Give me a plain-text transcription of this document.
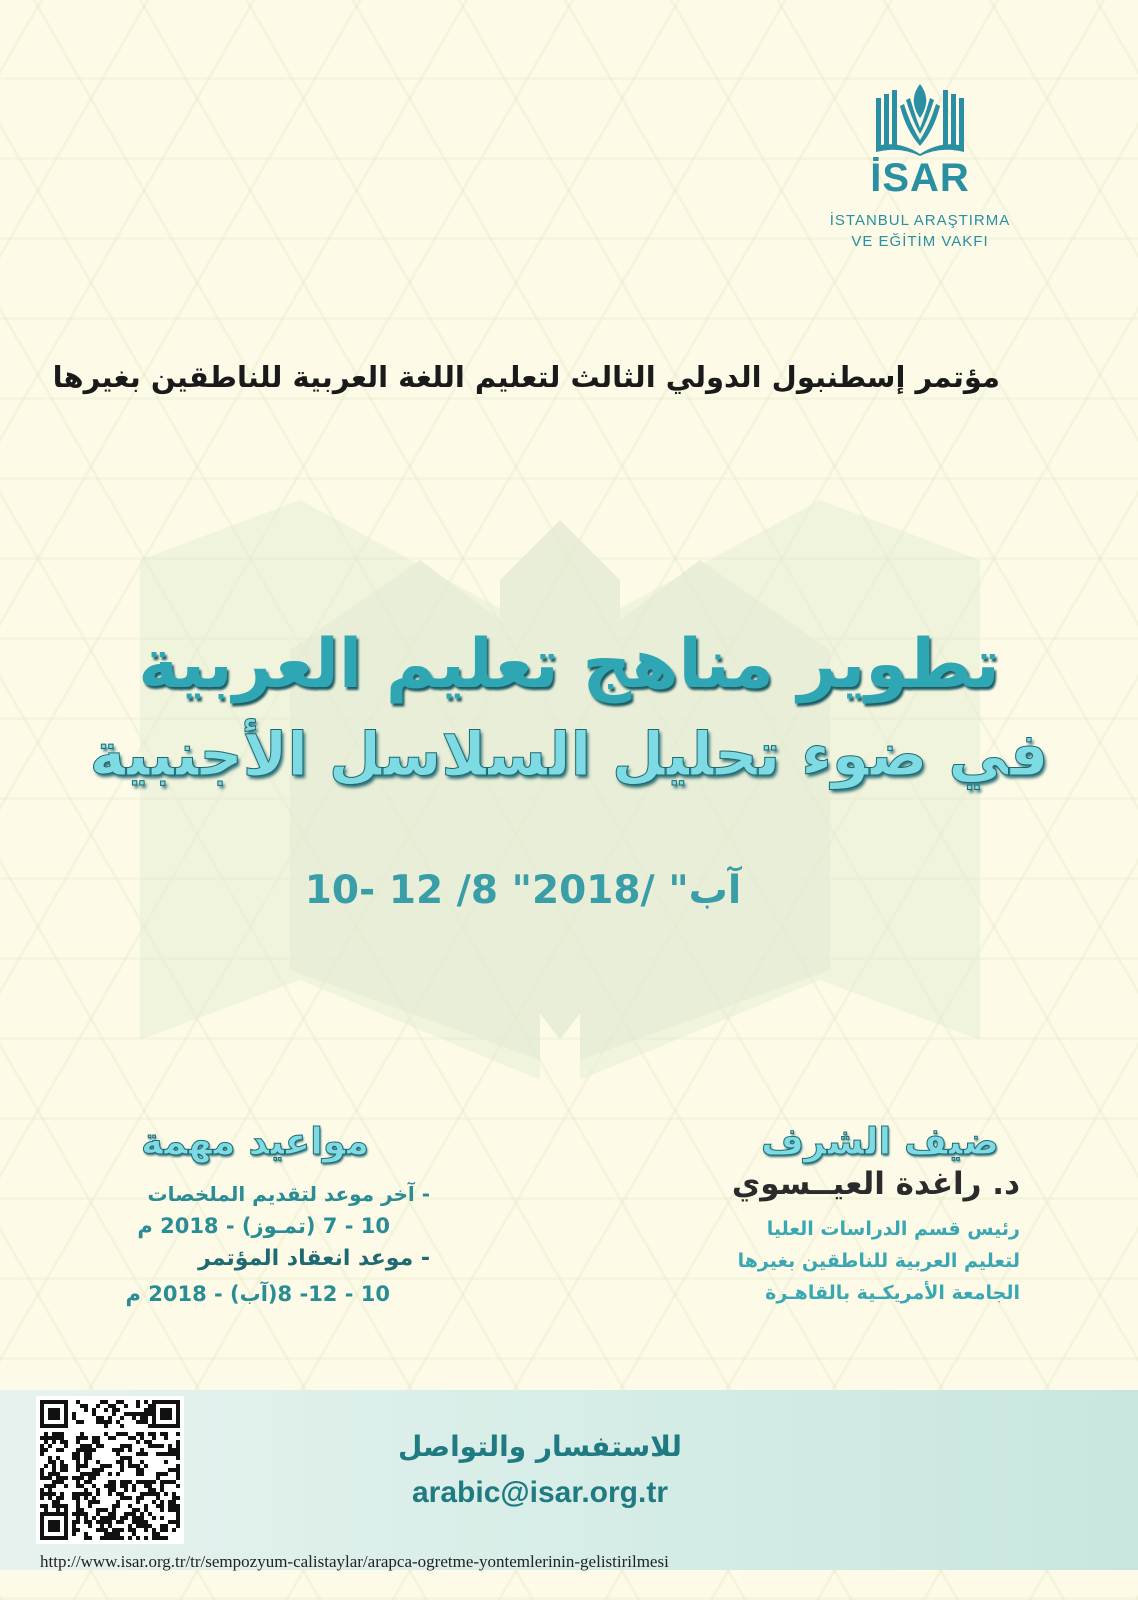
İSAR
İSTANBUL ARAŞTIRMA
VE EĞİTİM VAKFI
مؤتمر إسطنبول الدولي الثالث لتعليم اللغة العربية للناطقين بغيرها
تطوير مناهج تعليم العربية
في ضوء تحليل السلاسل الأجنبية
10- 12 /8 "آب" /2018
ضيف الشرف
د. راغدة العيــسوي
رئيس قسم الدراسات العليا
لتعليم العربية للناطقين بغيرها
الجامعة الأمريكـية بالقاهـرة
مواعيد مهمة
- آخر موعد لتقديم الملخصات
10 - 7 (تمـوز) - 2018 م
- موعد انعقاد المؤتمر
10 - 12- 8(آب) - 2018 م
للاستفسار والتواصل
arabic@isar.org.tr
http://www.isar.org.tr/tr/sempozyum-calistaylar/arapca-ogretme-yontemlerinin-gelistirilmesi
